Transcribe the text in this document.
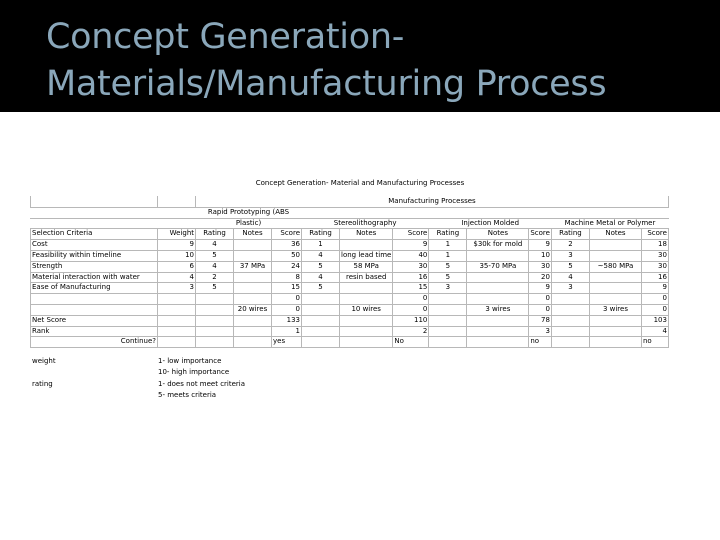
Concept Generation-
Materials/Manufacturing Process
Concept Generation- Material and Manufacturing Processes
		Manufacturing Processes											
		Rapid Prototyping (ABS											
		Plastic)			Stereolithography			Injection Molded			Machine Metal or Polymer		
Selection Criteria	Weight	Rating	Notes	Score	Rating	Notes	Score	Rating	Notes	Score	Rating	Notes	Score
Cost	9	4		36	1		9	1	$30k for mold	9	2		18
Feasibility within timeline	10	5		50	4	long lead time	40	1		10	3		30
Strength	6	4	37 MPa	24	5	58 MPa	30	5	35-70 MPa	30	5	~580 MPa	30
Material interaction with water	4	2		8	4	resin based	16	5		20	4		16
Ease of Manufacturing	3	5		15	5		15	3		9	3		9
				0			0			0			0
			20 wires	0		10 wires	0		3 wires	0		3 wires	0
Net Score				133			110			78			103
Rank				1			2			3			4
Continue?				yes			No			no			no
weight	1- low importance
10- high importance
rating	1- does not meet criteria
5- meets criteria
